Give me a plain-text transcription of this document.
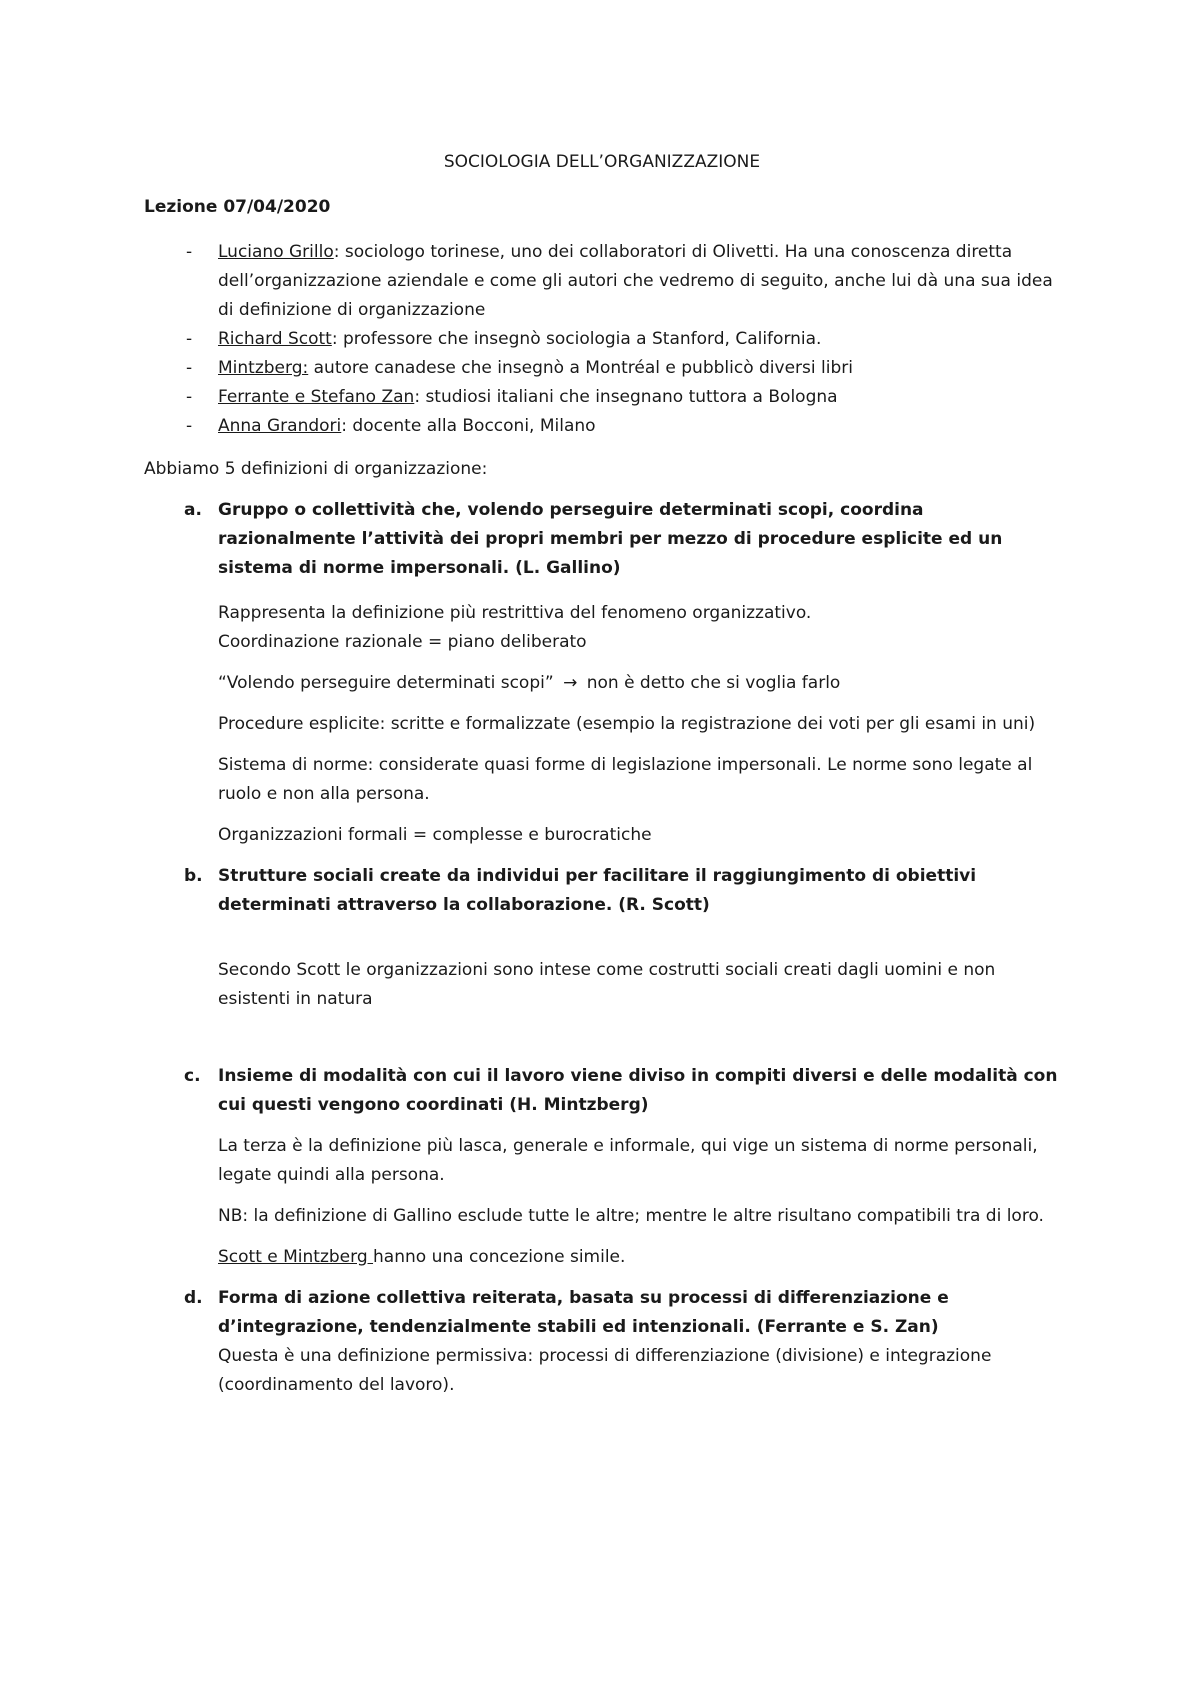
SOCIOLOGIA DELL’ORGANIZZAZIONE
Lezione 07/04/2020
- Luciano Grillo: sociologo torinese, uno dei collaboratori di Olivetti. Ha una conoscenza diretta dell’organizzazione aziendale e come gli autori che vedremo di seguito, anche lui dà una sua idea di definizione di organizzazione
- Richard Scott: professore che insegnò sociologia a Stanford, California.
- Mintzberg: autore canadese che insegnò a Montréal e pubblicò diversi libri
- Ferrante e Stefano Zan: studiosi italiani che insegnano tuttora a Bologna
- Anna Grandori: docente alla Bocconi, Milano
Abbiamo 5 definizioni di organizzazione:
a. Gruppo o collettività che, volendo perseguire determinati scopi, coordina razionalmente l’attività dei propri membri per mezzo di procedure esplicite ed un sistema di norme impersonali. (L. Gallino)
Rappresenta la definizione più restrittiva del fenomeno organizzativo.
Coordinazione razionale = piano deliberato
“Volendo perseguire determinati scopi” → non è detto che si voglia farlo
Procedure esplicite: scritte e formalizzate (esempio la registrazione dei voti per gli esami in uni)
Sistema di norme: considerate quasi forme di legislazione impersonali. Le norme sono legate al ruolo e non alla persona.
Organizzazioni formali = complesse e burocratiche
b. Strutture sociali create da individui per facilitare il raggiungimento di obiettivi determinati attraverso la collaborazione. (R. Scott)
Secondo Scott le organizzazioni sono intese come costrutti sociali creati dagli uomini e non esistenti in natura
c. Insieme di modalità con cui il lavoro viene diviso in compiti diversi e delle modalità con cui questi vengono coordinati (H. Mintzberg)
La terza è la definizione più lasca, generale e informale, qui vige un sistema di norme personali, legate quindi alla persona.
NB: la definizione di Gallino esclude tutte le altre; mentre le altre risultano compatibili tra di loro.
Scott e Mintzberg hanno una concezione simile.
d. Forma di azione collettiva reiterata, basata su processi di differenziazione e d’integrazione, tendenzialmente stabili ed intenzionali. (Ferrante e S. Zan)
Questa è una definizione permissiva: processi di differenziazione (divisione) e integrazione (coordinamento del lavoro).
